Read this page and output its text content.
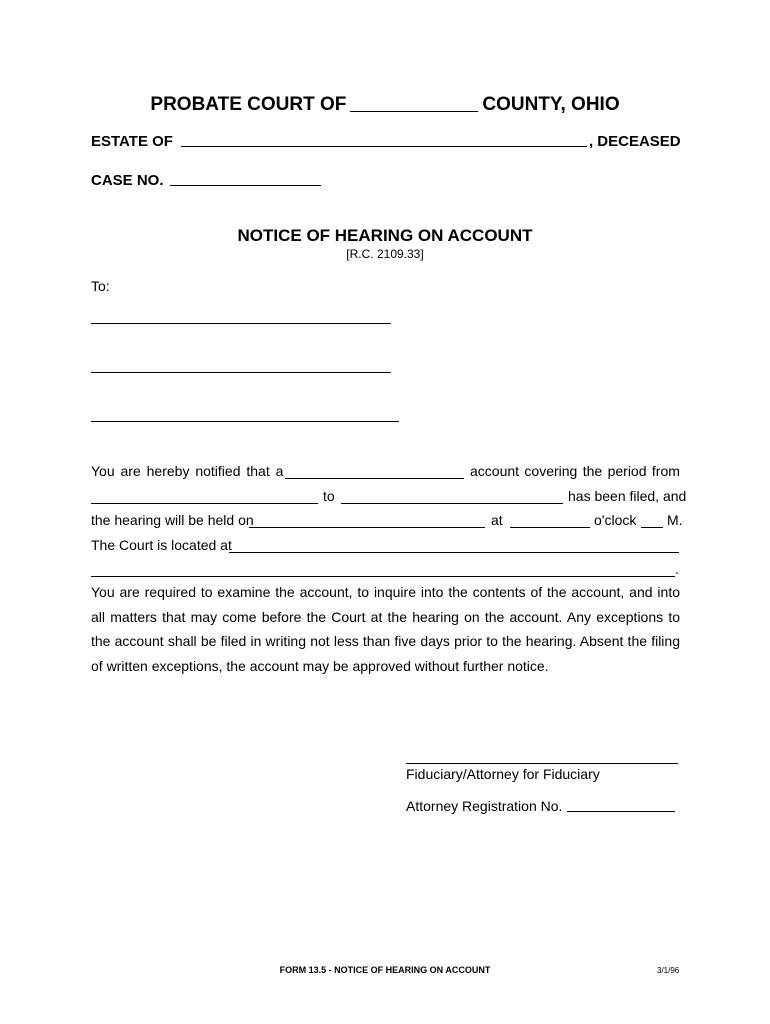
PROBATE COURT OF	COUNTY, OHIO
ESTATE OF	, DECEASED
CASE NO.
NOTICE OF HEARING ON ACCOUNT
[R.C. 2109.33]
To:
You are hereby notified that a	account covering the period from
to	has been filed, and
the hearing will be held on	at	o'clock M.
The Court is located at
.
You are required to examine the account, to inquire into the contents of the account, and into all matters that may come before the Court at the hearing on the account. Any exceptions to the account shall be filed in writing not less than five days prior to the hearing. Absent the filing of written exceptions, the account may be approved without further notice.
Fiduciary/Attorney for Fiduciary
Attorney Registration No.
FORM 13.5 - NOTICE OF HEARING ON ACCOUNT	3/1/96
